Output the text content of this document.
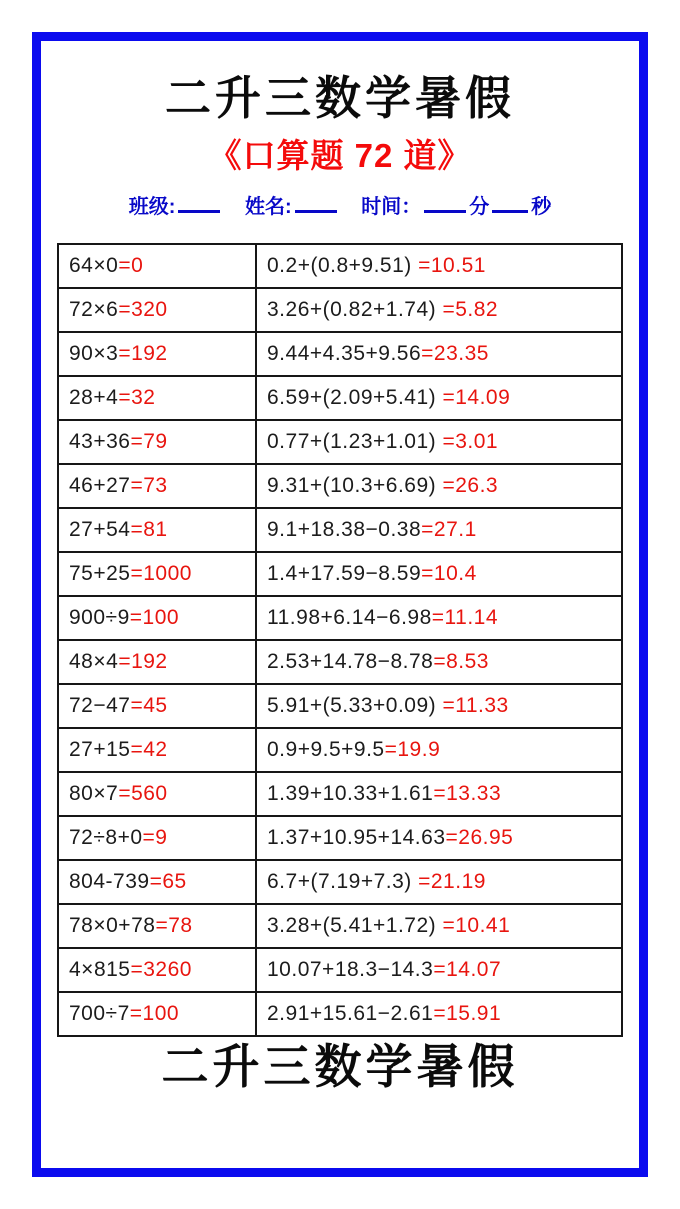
二升三数学暑假
《口算题 72 道》
班级:	姓名:	时间： 分 秒
64×0=0	0.2+(0.8+9.51) =10.51
72×6=320	3.26+(0.82+1.74) =5.82
90×3=192	9.44+4.35+9.56=23.35
28+4=32	6.59+(2.09+5.41) =14.09
43+36=79	0.77+(1.23+1.01) =3.01
46+27=73	9.31+(10.3+6.69) =26.3
27+54=81	9.1+18.38−0.38=27.1
75+25=1000	1.4+17.59−8.59=10.4
900÷9=100	11.98+6.14−6.98=11.14
48×4=192	2.53+14.78−8.78=8.53
72−47=45	5.91+(5.33+0.09) =11.33
27+15=42	0.9+9.5+9.5=19.9
80×7=560	1.39+10.33+1.61=13.33
72÷8+0=9	1.37+10.95+14.63=26.95
804-739=65	6.7+(7.19+7.3) =21.19
78×0+78=78	3.28+(5.41+1.72) =10.41
4×815=3260	10.07+18.3−14.3=14.07
700÷7=100	2.91+15.61−2.61=15.91
二升三数学暑假
